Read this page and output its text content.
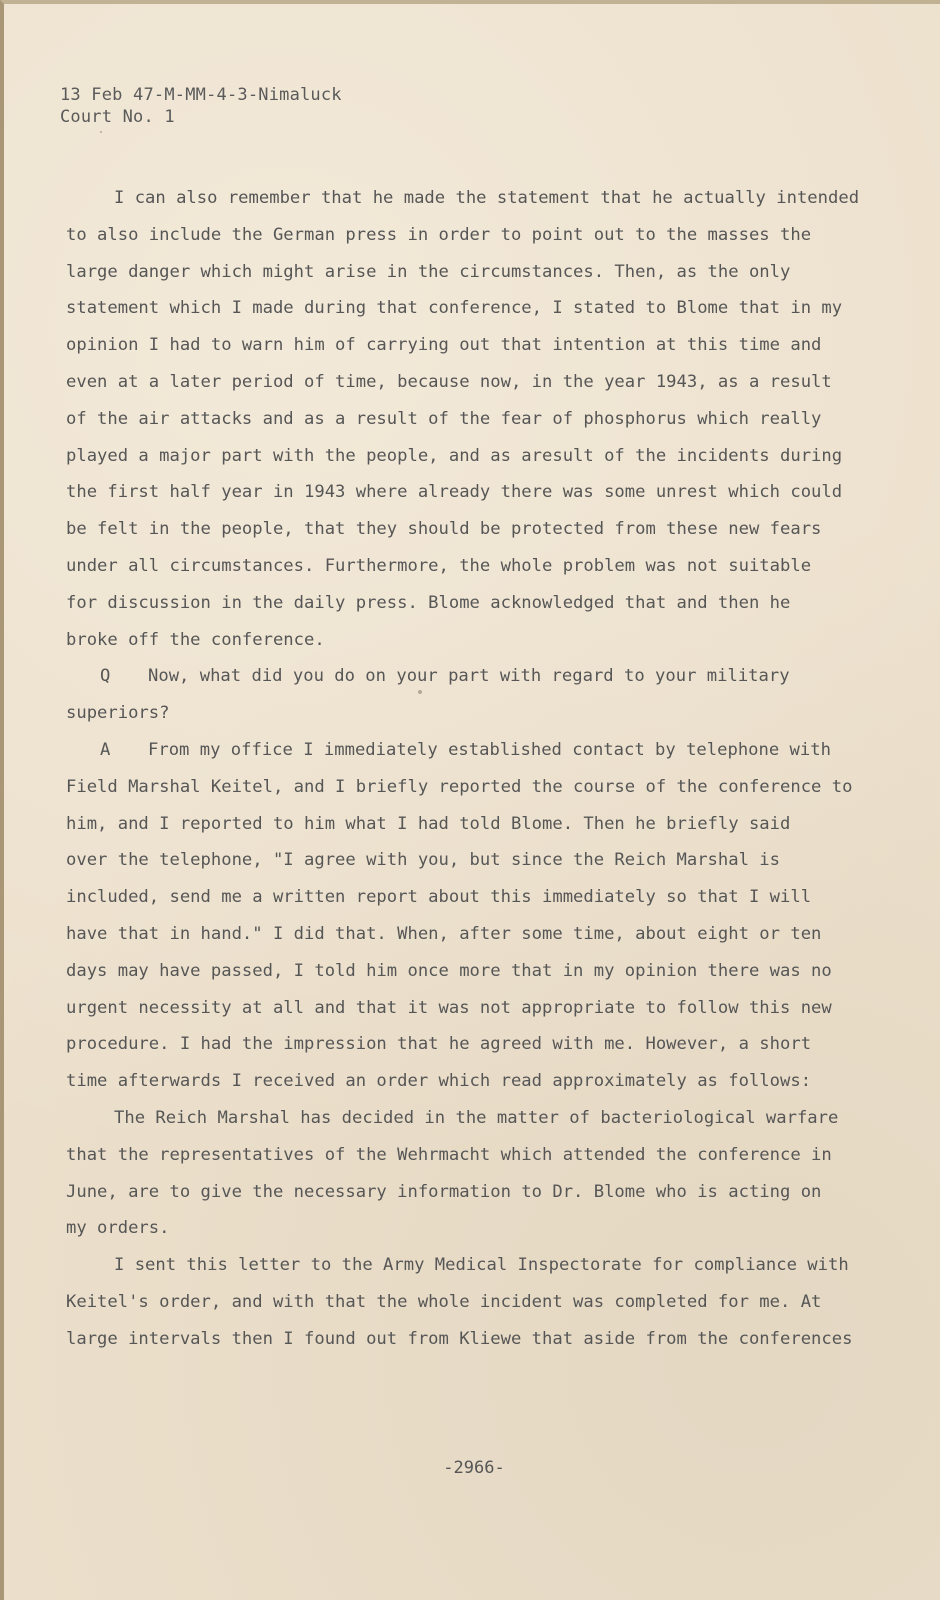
13 Feb 47-M-MM-4-3-Nimaluck
Court No. 1
I can also remember that he made the statement that he actually intended
to also include the German press in order to point out to the masses the
large danger which might arise in the circumstances. Then, as the only
statement which I made during that conference, I stated to Blome that in my
opinion I had to warn him of carrying out that intention at this time and
even at a later period of time, because now, in the year 1943, as a result
of the air attacks and as a result of the fear of phosphorus which really
played a major part with the people, and as aresult of the incidents during
the first half year in 1943 where already there was some unrest which could
be felt in the people, that they should be protected from these new fears
under all circumstances. Furthermore, the whole problem was not suitable
for discussion in the daily press. Blome acknowledged that and then he
broke off the conference.
Q Now, what did you do on your part with regard to your military
superiors?
A From my office I immediately established contact by telephone with
Field Marshal Keitel, and I briefly reported the course of the conference to
him, and I reported to him what I had told Blome. Then he briefly said
over the telephone, "I agree with you, but since the Reich Marshal is
included, send me a written report about this immediately so that I will
have that in hand." I did that. When, after some time, about eight or ten
days may have passed, I told him once more that in my opinion there was no
urgent necessity at all and that it was not appropriate to follow this new
procedure. I had the impression that he agreed with me. However, a short
time afterwards I received an order which read approximately as follows:
The Reich Marshal has decided in the matter of bacteriological warfare
that the representatives of the Wehrmacht which attended the conference in
June, are to give the necessary information to Dr. Blome who is acting on
my orders.
I sent this letter to the Army Medical Inspectorate for compliance with
Keitel's order, and with that the whole incident was completed for me. At
large intervals then I found out from Kliewe that aside from the conferences
-2966-
